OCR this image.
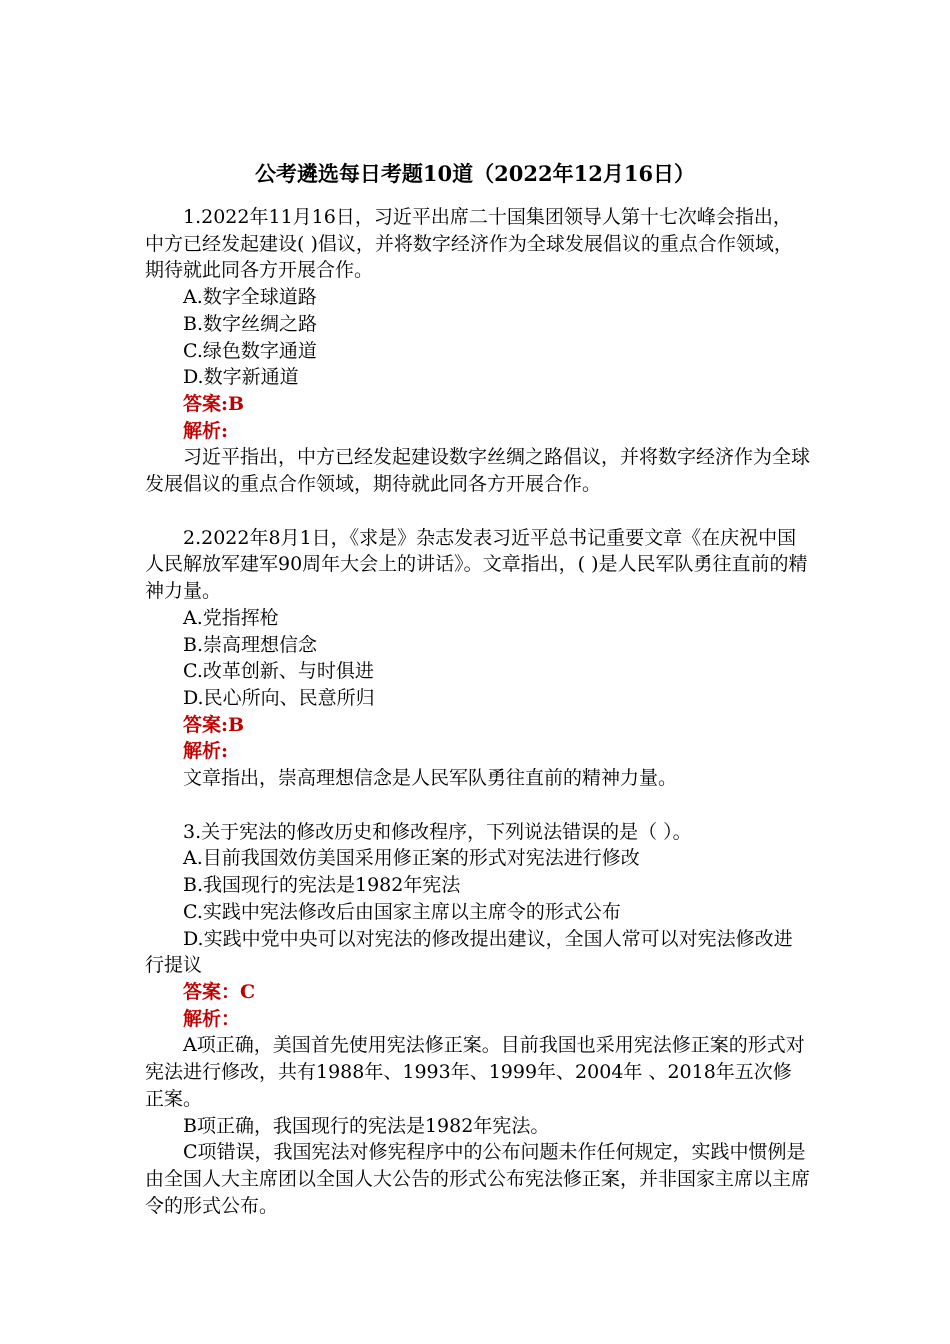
公考遴选每日考题10道（2022年12月16日）

1.2022年11月16日，习近平出席二十国集团领导人第十七次峰会指出，中方已经发起建设( )倡议，并将数字经济作为全球发展倡议的重点合作领域，期待就此同各方开展合作。

A.数字全球道路

B.数字丝绸之路

C.绿色数字通道

D.数字新通道

答案:B

解析:

习近平指出，中方已经发起建设数字丝绸之路倡议，并将数字经济作为全球发展倡议的重点合作领域，期待就此同各方开展合作。

2.2022年8月1日，《求是》杂志发表习近平总书记重要文章《在庆祝中国人民解放军建军90周年大会上的讲话》。文章指出，( )是人民军队勇往直前的精神力量。

A.党指挥枪

B.崇高理想信念

C.改革创新、与时俱进

D.民心所向、民意所归

答案:B

解析:

文章指出，崇高理想信念是人民军队勇往直前的精神力量。

3.关于宪法的修改历史和修改程序，下列说法错误的是（ ）。

A.目前我国效仿美国采用修正案的形式对宪法进行修改

B.我国现行的宪法是1982年宪法

C.实践中宪法修改后由国家主席以主席令的形式公布

D.实践中党中央可以对宪法的修改提出建议，全国人常可以对宪法修改进行提议

答案：C

解析：

A项正确，美国首先使用宪法修正案。目前我国也采用宪法修正案的形式对宪法进行修改，共有1988年、1993年、1999年、2004年 、2018年五次修正案。

B项正确，我国现行的宪法是1982年宪法。

C项错误，我国宪法对修宪程序中的公布问题未作任何规定，实践中惯例是由全国人大主席团以全国人大公告的形式公布宪法修正案，并非国家主席以主席令的形式公布。
